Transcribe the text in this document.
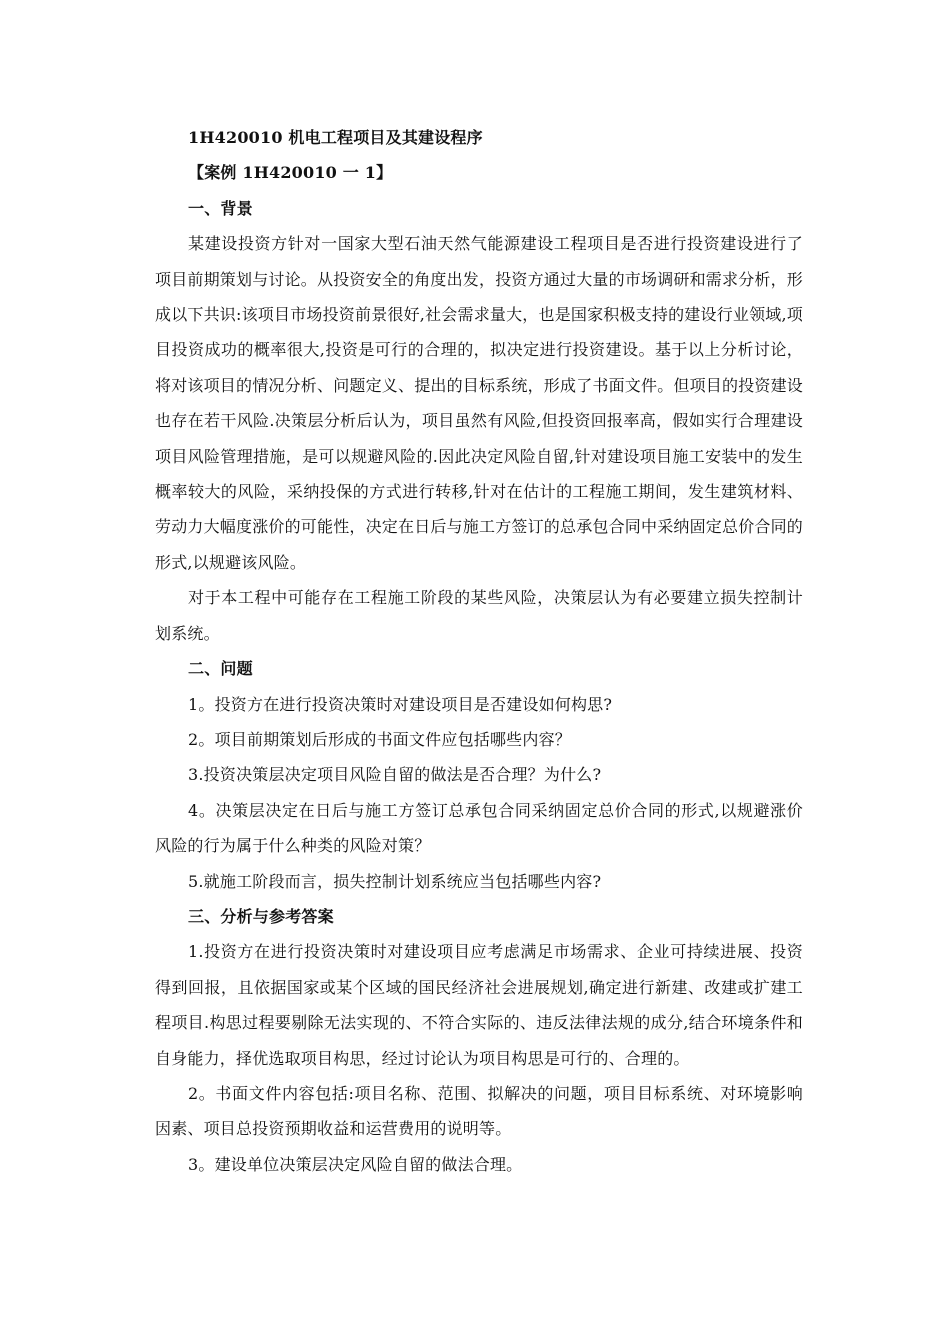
1H420010 机电工程项目及其建设程序

【案例 1H420010 一 1】

一、背景

某建设投资方针对一国家大型石油天然气能源建设工程项目是否进行投资建设进行了项目前期策划与讨论。从投资安全的角度出发，投资方通过大量的市场调研和需求分析，形成以下共识:该项目市场投资前景很好,社会需求量大，也是国家积极支持的建设行业领域,项目投资成功的概率很大,投资是可行的合理的，拟决定进行投资建设。基于以上分析讨论，将对该项目的情况分析、问题定义、提出的目标系统，形成了书面文件。但项目的投资建设也存在若干风险.决策层分析后认为，项目虽然有风险,但投资回报率高，假如实行合理建设项目风险管理措施，是可以规避风险的.因此决定风险自留,针对建设项目施工安装中的发生概率较大的风险，采纳投保的方式进行转移,针对在估计的工程施工期间，发生建筑材料、劳动力大幅度涨价的可能性，决定在日后与施工方签订的总承包合同中采纳固定总价合同的形式,以规避该风险。

对于本工程中可能存在工程施工阶段的某些风险，决策层认为有必要建立损失控制计划系统。

二、问题

1。投资方在进行投资决策时对建设项目是否建设如何构思?

2。项目前期策划后形成的书面文件应包括哪些内容？

3.投资决策层决定项目风险自留的做法是否合理？为什么?

4。决策层决定在日后与施工方签订总承包合同采纳固定总价合同的形式,以规避涨价风险的行为属于什么种类的风险对策？

5.就施工阶段而言，损失控制计划系统应当包括哪些内容?

三、分析与参考答案

1.投资方在进行投资决策时对建设项目应考虑满足市场需求、企业可持续进展、投资得到回报，且依据国家或某个区域的国民经济社会进展规划,确定进行新建、改建或扩建工程项目.构思过程要剔除无法实现的、不符合实际的、违反法律法规的成分,结合环境条件和自身能力，择优选取项目构思，经过讨论认为项目构思是可行的、合理的。

2。书面文件内容包括:项目名称、范围、拟解决的问题，项目目标系统、对环境影响因素、项目总投资预期收益和运营费用的说明等。

3。建设单位决策层决定风险自留的做法合理。
